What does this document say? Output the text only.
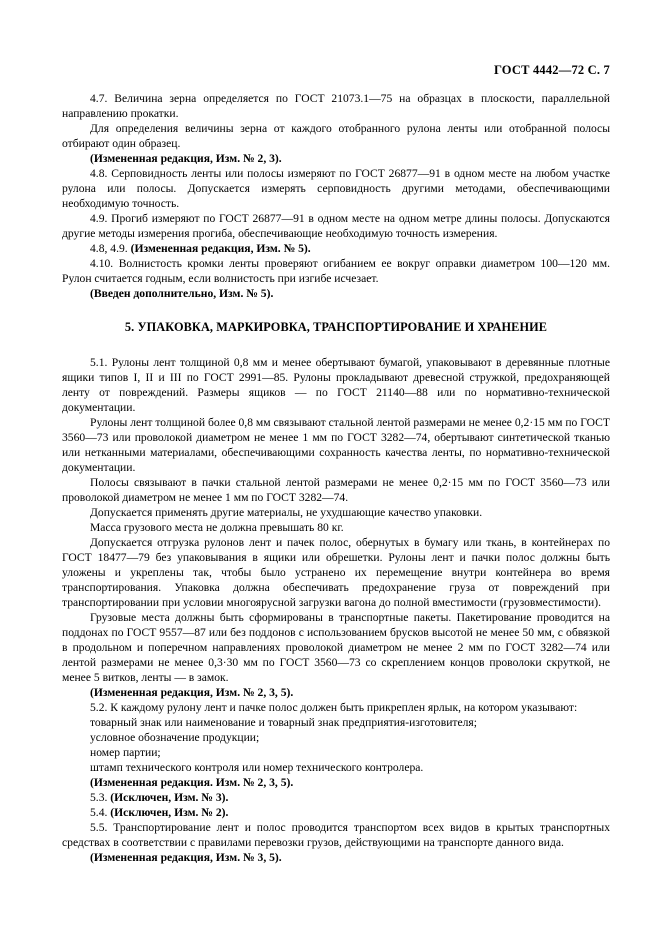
ГОСТ 4442—72 С. 7

4.7. Величина зерна определяется по ГОСТ 21073.1—75 на образцах в плоскости, параллельной направлению прокатки.

Для определения величины зерна от каждого отобранного рулона ленты или отобранной полосы отбирают один образец.

(Измененная редакция, Изм. № 2, 3).

4.8. Серповидность ленты или полосы измеряют по ГОСТ 26877—91 в одном месте на любом участке рулона или полосы. Допускается измерять серповидность другими методами, обеспечивающими необходимую точность.

4.9. Прогиб измеряют по ГОСТ 26877—91 в одном месте на одном метре длины полосы. Допускаются другие методы измерения прогиба, обеспечивающие необходимую точность измерения.

4.8, 4.9. (Измененная редакция, Изм. № 5).

4.10. Волнистость кромки ленты проверяют огибанием ее вокруг оправки диаметром 100—120 мм. Рулон считается годным, если волнистость при изгибе исчезает.

(Введен дополнительно, Изм. № 5).

5. УПАКОВКА, МАРКИРОВКА, ТРАНСПОРТИРОВАНИЕ И ХРАНЕНИЕ

5.1. Рулоны лент толщиной 0,8 мм и менее обертывают бумагой, упаковывают в деревянные плотные ящики типов I, II и III по ГОСТ 2991—85. Рулоны прокладывают древесной стружкой, предохраняющей ленту от повреждений. Размеры ящиков — по ГОСТ 21140—88 или по нормативно-технической документации.

Рулоны лент толщиной более 0,8 мм связывают стальной лентой размерами не менее 0,2·15 мм по ГОСТ 3560—73 или проволокой диаметром не менее 1 мм по ГОСТ 3282—74, обертывают синтетической тканью или нетканными материалами, обеспечивающими сохранность качества ленты, по нормативно-технической документации.

Полосы связывают в пачки стальной лентой размерами не менее 0,2·15 мм по ГОСТ 3560—73 или проволокой диаметром не менее 1 мм по ГОСТ 3282—74.

Допускается применять другие материалы, не ухудшающие качество упаковки.

Масса грузового места не должна превышать 80 кг.

Допускается отгрузка рулонов лент и пачек полос, обернутых в бумагу или ткань, в контейнерах по ГОСТ 18477—79 без упаковывания в ящики или обрешетки. Рулоны лент и пачки полос должны быть уложены и укреплены так, чтобы было устранено их перемещение внутри контейнера во время транспортирования. Упаковка должна обеспечивать предохранение груза от повреждений при транспортировании при условии многоярусной загрузки вагона до полной вместимости (грузовместимости).

Грузовые места должны быть сформированы в транспортные пакеты. Пакетирование проводится на поддонах по ГОСТ 9557—87 или без поддонов с использованием брусков высотой не менее 50 мм, с обвязкой в продольном и поперечном направлениях проволокой диаметром не менее 2 мм по ГОСТ 3282—74 или лентой размерами не менее 0,3·30 мм по ГОСТ 3560—73 со скреплением концов проволоки скруткой, не менее 5 витков, ленты — в замок.

(Измененная редакция, Изм. № 2, 3, 5).

5.2. К каждому рулону лент и пачке полос должен быть прикреплен ярлык, на котором указывают:

товарный знак или наименование и товарный знак предприятия-изготовителя;

условное обозначение продукции;

номер партии;

штамп технического контроля или номер технического контролера.

(Измененная редакция. Изм. № 2, 3, 5).

5.3. (Исключен, Изм. № 3).

5.4. (Исключен, Изм. № 2).

5.5. Транспортирование лент и полос проводится транспортом всех видов в крытых транспортных средствах в соответствии с правилами перевозки грузов, действующими на транспорте данного вида.

(Измененная редакция, Изм. № 3, 5).
